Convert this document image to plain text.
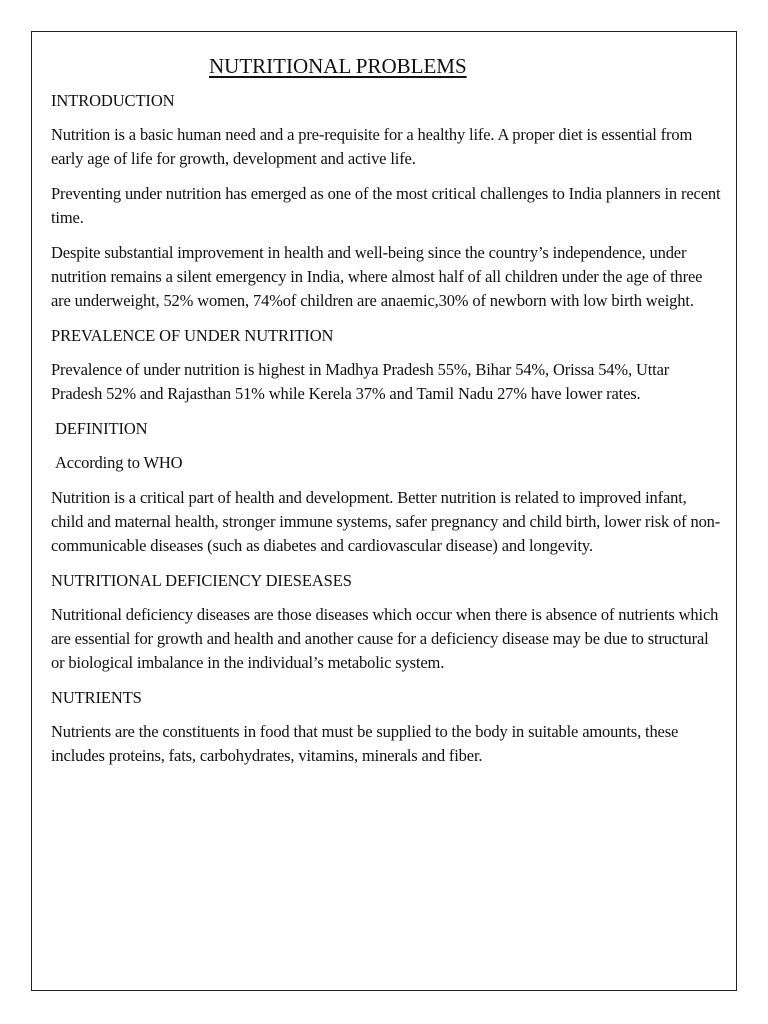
NUTRITIONAL PROBLEMS
INTRODUCTION

Nutrition is a basic human need and a pre-requisite for a healthy life. A proper diet is essential from early age of life for growth, development and active life.

Preventing under nutrition has emerged as one of the most critical challenges to India planners in recent time.

Despite substantial improvement in health and well-being since the country’s independence, under nutrition remains a silent emergency in India, where almost half of all children under the age of three are underweight, 52% women, 74%of children are anaemic,30% of newborn with low birth weight.

PREVALENCE OF UNDER NUTRITION

Prevalence of under nutrition is highest in Madhya Pradesh 55%, Bihar 54%, Orissa 54%, Uttar Pradesh 52% and Rajasthan 51% while Kerela 37% and Tamil Nadu 27% have lower rates.

DEFINITION

According to WHO

Nutrition is a critical part of health and development. Better nutrition is related to improved infant, child and maternal health, stronger immune systems, safer pregnancy and child birth, lower risk of non-communicable diseases (such as diabetes and cardiovascular disease) and longevity.

NUTRITIONAL DEFICIENCY DIESEASES

Nutritional deficiency diseases are those diseases which occur when there is absence of nutrients which are essential for growth and health and another cause for a deficiency disease may be due to structural or biological imbalance in the individual’s metabolic system.

NUTRIENTS

Nutrients are the constituents in food that must be supplied to the body in suitable amounts, these includes proteins, fats, carbohydrates, vitamins, minerals and fiber.
